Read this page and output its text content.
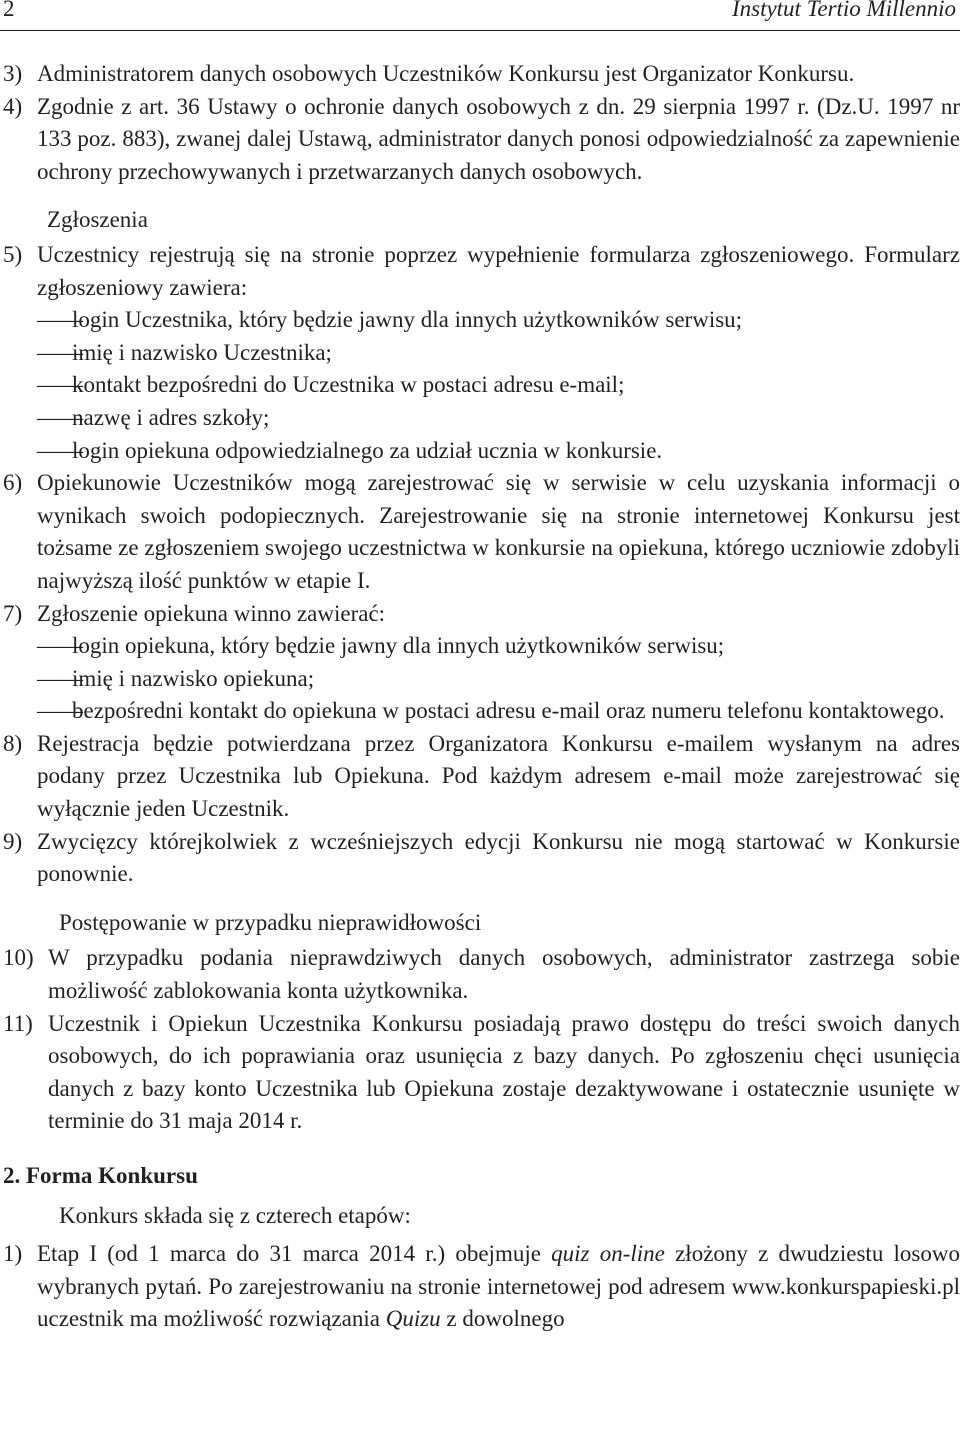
2	Instytut Tertio Millennio
3) Administratorem danych osobowych Uczestników Konkursu jest Organizator Konkursu.
4) Zgodnie z art. 36 Ustawy o ochronie danych osobowych z dn. 29 sierpnia 1997 r. (Dz.U. 1997 nr 133 poz. 883), zwanej dalej Ustawą, administrator danych ponosi odpowiedzialność za zapewnienie ochrony przechowywanych i przetwarzanych danych osobowych.
Zgłoszenia
5) Uczestnicy rejestrują się na stronie poprzez wypełnienie formularza zgłoszeniowego. Formularz zgłoszeniowy zawiera:
——
login Uczestnika, który będzie jawny dla innych użytkowników serwisu;
——
imię i nazwisko Uczestnika;
——
kontakt bezpośredni do Uczestnika w postaci adresu e-mail;
——
nazwę i adres szkoły;
——
login opiekuna odpowiedzialnego za udział ucznia w konkursie.
6) Opiekunowie Uczestników mogą zarejestrować się w serwisie w celu uzyskania informacji o wynikach swoich podopiecznych. Zarejestrowanie się na stronie internetowej Konkursu jest tożsame ze zgłoszeniem swojego uczestnictwa w konkursie na opiekuna, którego uczniowie zdobyli najwyższą ilość punktów w etapie I.
7) Zgłoszenie opiekuna winno zawierać:
——
login opiekuna, który będzie jawny dla innych użytkowników serwisu;
——
imię i nazwisko opiekuna;
——
bezpośredni kontakt do opiekuna w postaci adresu e-mail oraz numeru telefonu kontaktowego.
8) Rejestracja będzie potwierdzana przez Organizatora Konkursu e-mailem wysłanym na adres podany przez Uczestnika lub Opiekuna. Pod każdym adresem e-mail może zarejestrować się wyłącznie jeden Uczestnik.
9) Zwycięzcy którejkolwiek z wcześniejszych edycji Konkursu nie mogą startować w Konkursie ponownie.
Postępowanie w przypadku nieprawidłowości
10) W przypadku podania nieprawdziwych danych osobowych, administrator zastrzega sobie możliwość zablokowania konta użytkownika.
11) Uczestnik i Opiekun Uczestnika Konkursu posiadają prawo dostępu do treści swoich danych osobowych, do ich poprawiania oraz usunięcia z bazy danych. Po zgłoszeniu chęci usunięcia danych z bazy konto Uczestnika lub Opiekuna zostaje dezaktywowane i ostatecznie usunięte w terminie do 31 maja 2014 r.
2. Forma Konkursu
Konkurs składa się z czterech etapów:
1) Etap I (od 1 marca do 31 marca 2014 r.) obejmuje quiz on-line złożony z dwudziestu losowo wybranych pytań. Po zarejestrowaniu na stronie internetowej pod adresem www.konkurspapieski.pl uczestnik ma możliwość rozwiązania Quizu z dowolnego
